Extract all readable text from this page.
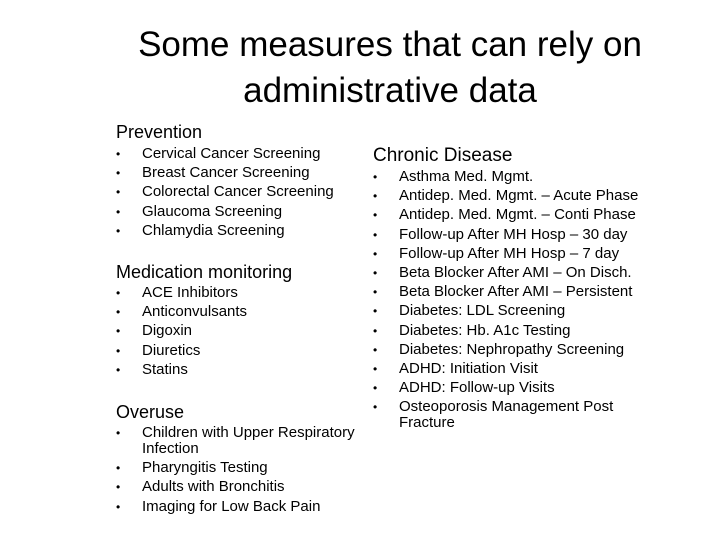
Some measures that can rely on
administrative data
Prevention
• Cervical Cancer Screening
• Breast Cancer Screening
• Colorectal Cancer Screening
• Glaucoma Screening
• Chlamydia Screening
Medication monitoring
• ACE Inhibitors
• Anticonvulsants
• Digoxin
• Diuretics
• Statins
Overuse
• Children with Upper Respiratory Infection
• Pharyngitis Testing
• Adults with Bronchitis
• Imaging for Low Back Pain
Chronic Disease
• Asthma Med. Mgmt.
• Antidep. Med. Mgmt. – Acute Phase
• Antidep. Med. Mgmt. – Conti Phase
• Follow-up After MH Hosp – 30 day
• Follow-up After MH Hosp – 7 day
• Beta Blocker After AMI – On Disch.
• Beta Blocker After AMI – Persistent
• Diabetes: LDL Screening
• Diabetes: Hb. A1c Testing
• Diabetes: Nephropathy Screening
• ADHD: Initiation Visit
• ADHD: Follow-up Visits
• Osteoporosis Management Post Fracture
